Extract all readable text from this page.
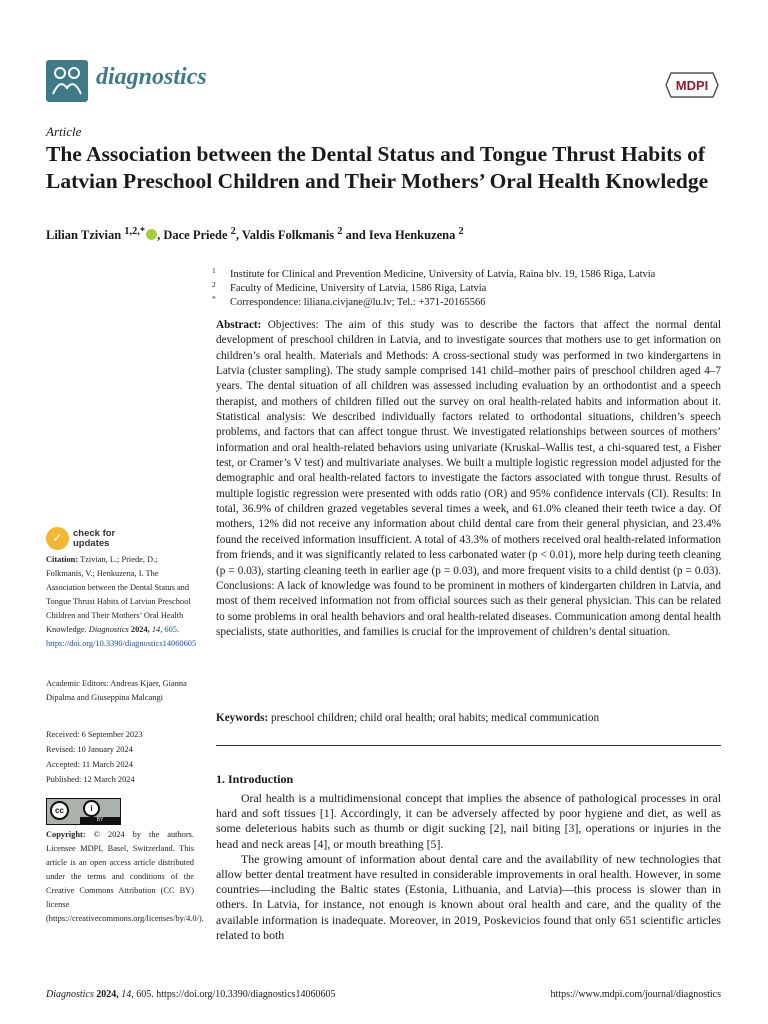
diagnostics	MDPI
Article
The Association between the Dental Status and Tongue Thrust Habits of Latvian Preschool Children and Their Mothers’ Oral Health Knowledge
Lilian Tzivian $^{1,2,*}$ , Dace Priede $^2$, Valdis Folkmanis $^2$ and Ieva Henkuzena $^2$
$^1$ Institute for Clinical and Prevention Medicine, University of Latvia, Raina blv. 19, 1586 Riga, Latvia
$^2$ Faculty of Medicine, University of Latvia, 1586 Riga, Latvia
* Correspondence: liliana.civjane@lu.lv; Tel.: +371-20165566
Abstract: Objectives: The aim of this study was to describe the factors that affect the normal dental development of preschool children in Latvia, and to investigate sources that mothers use to get information on children’s oral health. Materials and Methods: A cross-sectional study was performed in two kindergartens in Latvia (cluster sampling). The study sample comprised 141 child–mother pairs of preschool children aged 4–7 years. The dental situation of all children was assessed including evaluation by an orthodontist and a speech therapist, and mothers of children filled out the survey on oral health-related habits and information about it. Statistical analysis: We described individually factors related to orthodontal situations, children’s speech problems, and factors that can affect tongue thrust. We investigated relationships between sources of mothers’ information and oral health-related behaviors using univariate (Kruskal–Wallis test, a chi-squared test, a Fisher test, or Cramer’s V test) and multivariate analyses. We built a multiple logistic regression model adjusted for the demographic and oral health-related factors to investigate the factors associated with tongue thrust. Results of multiple logistic regression were presented with odds ratio (OR) and 95% confidence intervals (CI). Results: In total, 36.9% of children grazed vegetables several times a week, and 61.0% cleaned their teeth twice a day. Of mothers, 12% did not receive any information about child dental care from their general physician, and 23.4% found the received information insufficient. A total of 43.3% of mothers received oral health-related information from friends, and it was significantly related to less carbonated water (p < 0.01), more help during teeth cleaning (p = 0.03), starting cleaning teeth in earlier age (p = 0.03), and more frequent visits to a child dentist (p = 0.03). Conclusions: A lack of knowledge was found to be prominent in mothers of kindergarten children in Latvia, and most of them received information not from official sources such as their general physician. This can be related to some problems in oral health behaviors and oral health-related diseases. Communication among dental health specialists, state authorities, and families is crucial for the improvement of children’s dental situation.
Keywords: preschool children; child oral health; oral habits; medical communication
1. Introduction

Oral health is a multidimensional concept that implies the absence of pathological processes in oral hard and soft tissues [1]. Accordingly, it can be adversely affected by poor hygiene and diet, as well as some deleterious habits such as thumb or digit sucking [2], nail biting [3], operations or injuries in the head and neck areas [4], or mouth breathing [5].

The growing amount of information about dental care and the availability of new technologies that allow better dental treatment have resulted in considerable improvements in oral health. However, in some countries—including the Baltic states (Estonia, Lithuania, and Latvia)—this process is slower than in others. In Latvia, for instance, not enough is known about oral health and care, and the quality of the available information is inadequate. Moreover, in 2019, Poskevicios found that only 651 scientific articles related to both

✓ check for updates
Citation: Tzivian, L.; Priede, D.; Folkmanis, V.; Henkuzena, I. The Association between the Dental Status and Tongue Thrust Habits of Latvian Preschool Children and Their Mothers’ Oral Health Knowledge. Diagnostics 2024, 14, 605. https://doi.org/10.3390/diagnostics14060605
Academic Editors: Andreas Kjaer, Gianna Dipalma and Giuseppina Malcangi
Received: 6 September 2023
Revised: 10 January 2024
Accepted: 11 March 2024
Published: 12 March 2024
cc	i
BY
Copyright: © 2024 by the authors. Licensee MDPI, Basel, Switzerland. This article is an open access article distributed under the terms and conditions of the Creative Commons Attribution (CC BY) license (https://creativecommons.org/licenses/by/4.0/).
Diagnostics 2024, 14, 605. https://doi.org/10.3390/diagnostics14060605	https://www.mdpi.com/journal/diagnostics
